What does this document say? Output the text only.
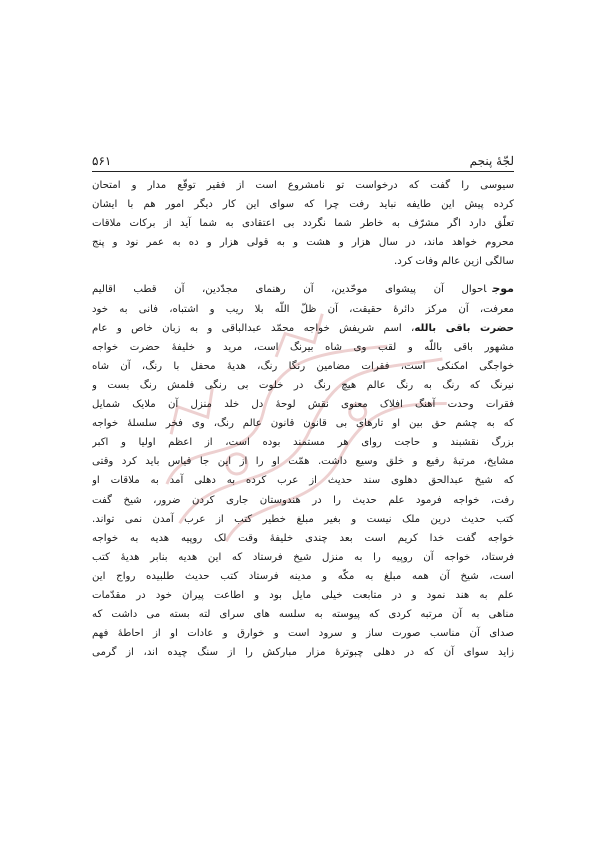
لجّهٔ پنجم
۵۶۱
سیوسی را گفت که درخواست تو نامشروع است از فقیر توقّع مدار و امتحان
کرده پیش این طایفه نباید رفت چرا که سوای این کار دیگر امور هم با ایشان
تعلّق دارد اگر مشرّف به خاطر شما نگردد بی اعتقادی به شما آید از برکات ملاقات
محروم خواهد ماند، در سال هزار و هشت و به قولی هزار و ده به عمر نود و پنج
سالگی ازین عالم وفات کرد.
موجاحوال آن پیشوای موحّدین، آن رهنمای مجدّدین، آن قطب اقالیم
معرفت، آن مرکز دائرهٔ حقیقت، آن ظلّ اللّه بلا ریب و اشتباه، فانی به خود
حضرت باقی بالله، اسم شریفش خواجه محمّد عبدالباقی و به زبان خاص و عام
مشهور باقی باللّه و لقب وی شاه بیرنگ است، مرید و خلیفهٔ حضرت خواجه
خواجگی امکنکی است، فقرات مضامین رنگا رنگ، هدیهٔ محفل با رنگ، آن شاه
نیرنگ که رنگ به رنگ عالم هیچ رنگ در خلوت بی رنگی فلمش رنگ بست و
فقرات وحدت آهنگ افلاک معنوی نقش لوحهٔ دل خلد منزل آن ملایک شمایل
که به چشم حق بین او تارهای بی قانون قانون عالم رنگ، وی فخر سلسلهٔ خواجه
بزرگ نقشبند و حاجت روای هر مستمند بوده است، از اعظم اولیا و اکبر
مشایخ، مرتبهٔ رفیع و خلق وسیع داشت. همّت او را از این جا قیاس باید کرد وقتی
که شیخ عبدالحق دهلوی سند حدیث از عرب کرده به دهلی آمد به ملاقات او
رفت، خواجه فرمود علم حدیث را در هندوستان جاری کردن ضرور، شیخ گفت
کتب حدیث درین ملک نیست و بغیر مبلغ خطیر کتب از عرب آمدن نمی تواند.
خواجه گفت خدا کریم است بعد چندی خلیفهٔ وقت لک روپیه هدیه به خواجه
فرستاد، خواجه آن روپیه را به منزل شیخ فرستاد که این هدیه بنابر هدیهٔ کتب
است، شیخ آن همه مبلغ به مکّه و مدینه فرستاد کتب حدیث طلبیده رواج این
علم به هند نمود و در متابعت خیلی مایل بود و اطاعت پیران خود در مقدّمات
مناهی به آن مرتبه کردی که پیوسته به سلسه های سرای لته بسته می داشت که
صدای آن مناسب صورت ساز و سرود است و خوارق و عادات او از احاطهٔ فهم
زاید سوای آن که در دهلی چبوترهٔ مزار مبارکش را از سنگ چیده اند، از گرمی
